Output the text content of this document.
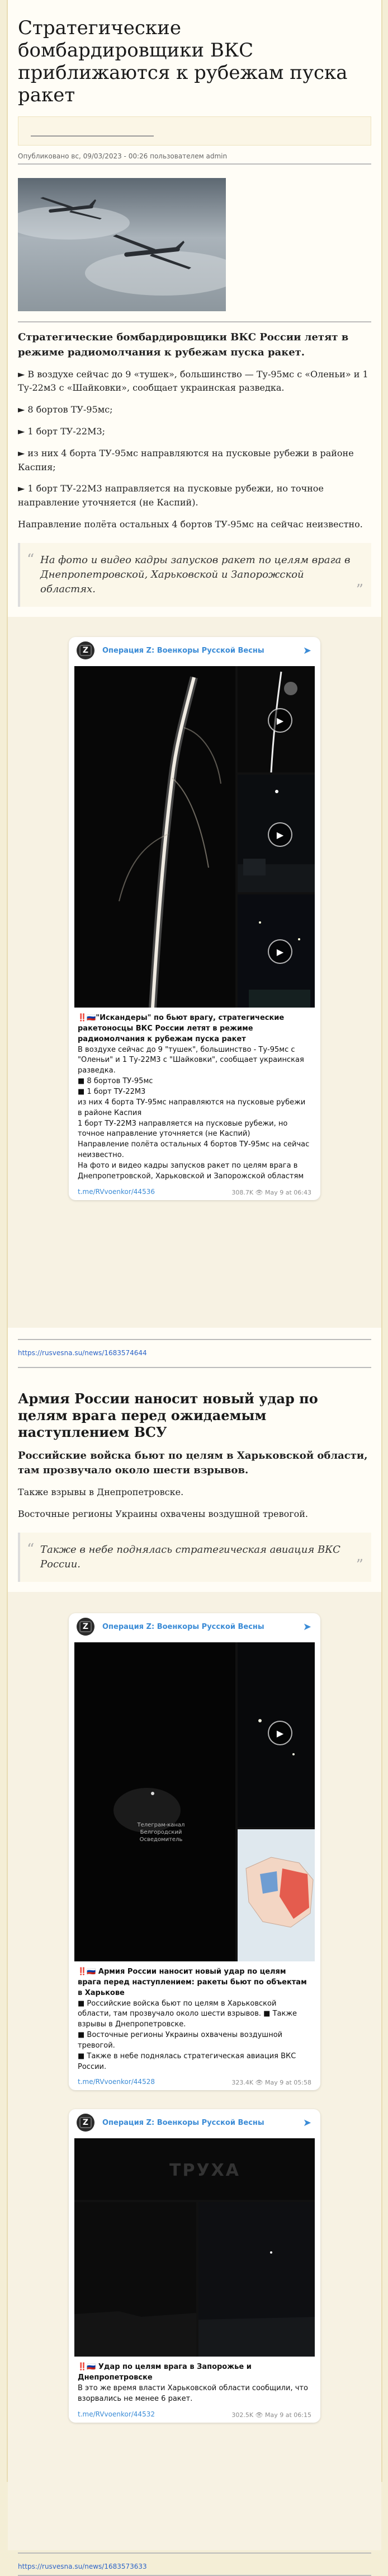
Стратегические бомбардировщики ВКС приближаются к рубежам пуска ракет
Опубликовано вс, 09/03/2023 - 00:26 пользователем admin
Стратегические бомбардировщики ВКС России летят в режиме радиомолчания к рубежам пуска ракет.

► В воздухе сейчас до 9 «тушек», большинство — Ту-95мс с «Оленьи» и 1 Ту-22м3 с «Шайковки», сообщает украинская разведка.

► 8 бортов ТУ-95мс;

► 1 борт ТУ-22М3;

► из них 4 борта ТУ-95мс направляются на пусковые рубежи в районе Каспия;

► 1 борт ТУ-22М3 направляется на пусковые рубежи, но точное направление уточняется (не Каспий).

Направление полёта остальных 4 бортов ТУ-95мс на сейчас неизвестно.

“ На фото и видео кадры запусков ракет по целям врага в Днепропетровской, Харьковской и Запорожской областях.	”
Z	Операция Z: Военкоры Русской Весны	➤
▶
▶
▶
‼️🇷🇺"Искандеры" по бьют врагу, стратегические ракетоносцы ВКС России летят в режиме радиомолчания к рубежам пуска ракет
В воздухе сейчас до 9 "тушек", большинство - Ту-95мс с "Оленьи" и 1 Ту-22М3 с "Шайковки", сообщает украинская разведка.
■ 8 бортов ТУ-95мс
■ 1 борт ТУ-22М3
из них 4 борта ТУ-95мс направляются на пусковые рубежи в районе Каспия
1 борт ТУ-22М3 направляется на пусковые рубежи, но точное направление уточняется (не Каспий)
Направление полёта остальных 4 бортов ТУ-95мс на сейчас неизвестно.
На фото и видео кадры запусков ракет по целям врага в Днепропетровской, Харьковской и Запорожской областям
t.me/RVvoenkor/44536	308.7K 👁 May 9 at 06:43
https://rusvesna.su/news/1683574644
Армия России наносит новый удар по целям врага перед ожидаемым наступлением ВСУ
Российские войска бьют по целям в Харьковской области, там прозвучало около шести взрывов.

Также взрывы в Днепропетровске.

Восточные регионы Украины охвачены воздушной тревогой.

“ Также в небе поднялась стратегическая авиация ВКС России.	”
Z	Операция Z: Военкоры Русской Весны	➤
Телеграм-канал Белгородский Осведомитель
▶
‼️🇷🇺 Армия России наносит новый удар по целям врага перед наступлением: ракеты бьют по объектам в Харькове
■ Российские войска бьют по целям в Харьковской области, там прозвучало около шести взрывов. ■ Также взрывы в Днепропетровске.
■ Восточные регионы Украины охвачены воздушной тревогой.
■ Также в небе поднялась стратегическая авиация ВКС России.
t.me/RVvoenkor/44528	323.4K 👁 May 9 at 05:58
Z	Операция Z: Военкоры Русской Весны	➤
ТРУХА
‼️🇷🇺 Удар по целям врага в Запорожье и Днепропетровске
В это же время власти Харьковской области сообщили, что взорвались не менее 6 ракет.
t.me/RVvoenkor/44532	302.5K 👁 May 9 at 06:15
https://rusvesna.su/news/1683573633
